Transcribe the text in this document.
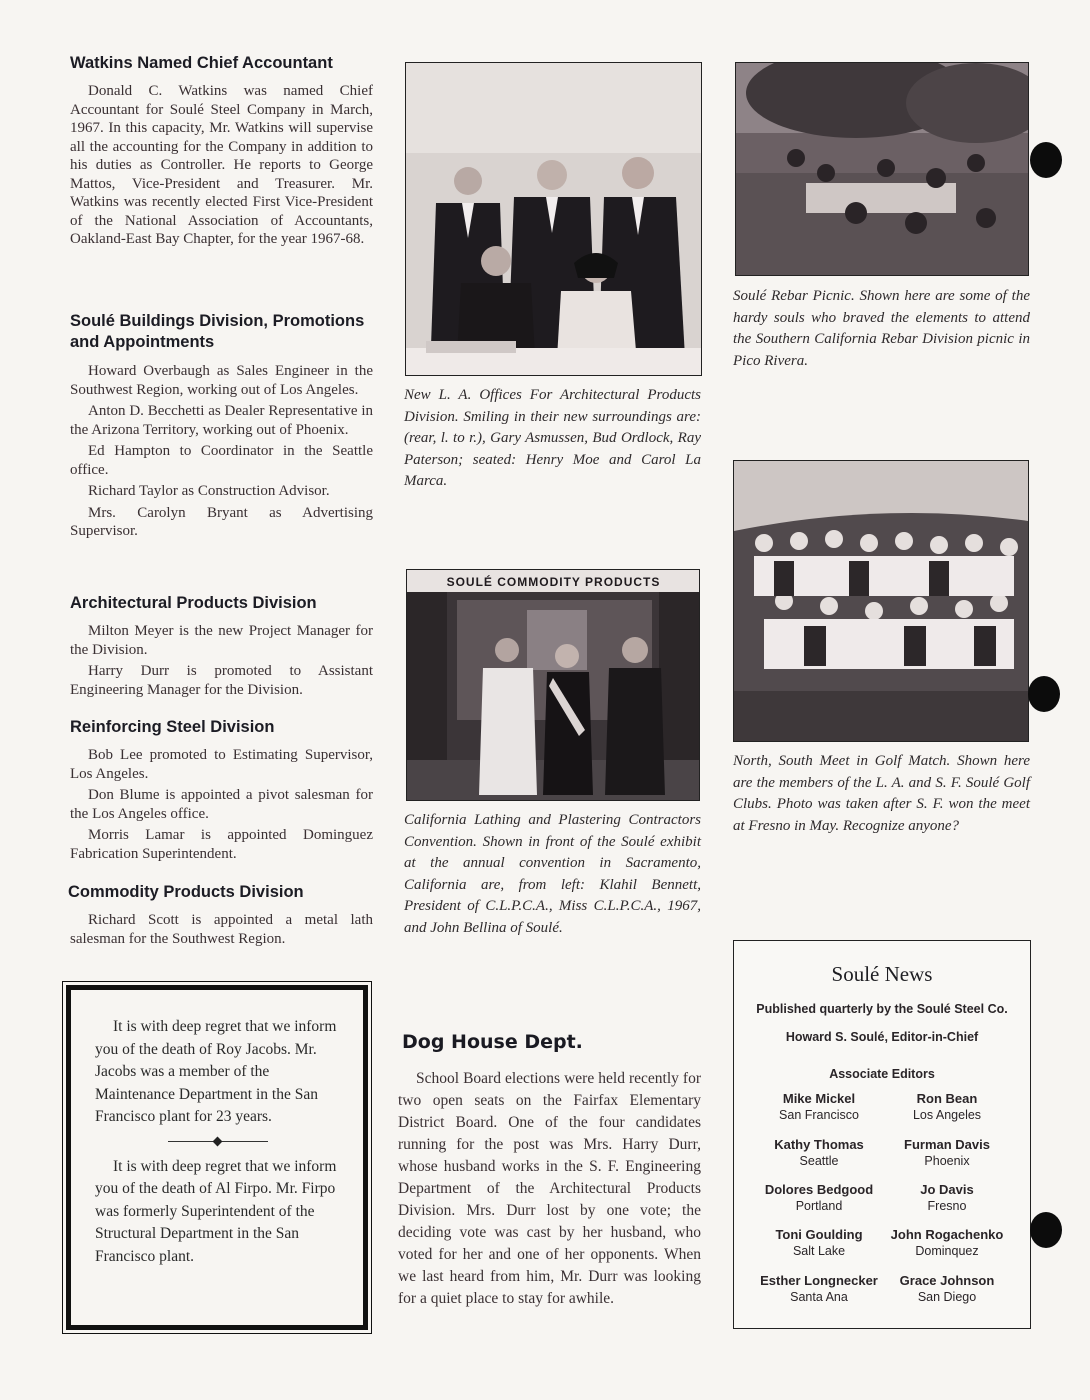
Watkins Named Chief Accountant

Donald C. Watkins was named Chief Accountant for Soulé Steel Company in March, 1967. In this capacity, Mr. Watkins will supervise all the accounting for the Company in addition to his duties as Controller. He reports to George Mattos, Vice-President and Treasurer. Mr. Watkins was recently elected First Vice-President of the National Association of Accountants, Oakland-East Bay Chapter, for the year 1967-68.

Soulé Buildings Division, Promotions and Appointments

Howard Overbaugh as Sales Engineer in the Southwest Region, working out of Los Angeles.

Anton D. Becchetti as Dealer Representative in the Arizona Territory, working out of Phoenix.

Ed Hampton to Coordinator in the Seattle office.

Richard Taylor as Construction Advisor.

Mrs. Carolyn Bryant as Advertising Supervisor.

Architectural Products Division

Milton Meyer is the new Project Manager for the Division.

Harry Durr is promoted to Assistant Engineering Manager for the Division.

Reinforcing Steel Division

Bob Lee promoted to Estimating Supervisor, Los Angeles.

Don Blume is appointed a pivot salesman for the Los Angeles office.

Morris Lamar is appointed Dominguez Fabrication Superintendent.

Commodity Products Division

Richard Scott is appointed a metal lath salesman for the Southwest Region.

It is with deep regret that we inform you of the death of Roy Jacobs. Mr. Jacobs was a member of the Maintenance Department in the San Francisco plant for 23 years.

It is with deep regret that we inform you of the death of Al Firpo. Mr. Firpo was formerly Superintendent of the Structural Department in the San Francisco plant.

New L. A. Offices For Architectural Products Division. Smiling in their new surroundings are: (rear, l. to r.), Gary Asmussen, Bud Ordlock, Ray Paterson; seated: Henry Moe and Carol La Marca.
SOULÉ COMMODITY PRODUCTS
California Lathing and Plastering Contractors Convention. Shown in front of the Soulé exhibit at the annual convention in Sacramento, California are, from left: Klahil Bennett, President of C.L.P.C.A., Miss C.L.P.C.A., 1967, and John Bellina of Soulé.
Dog House Dept.

School Board elections were held recently for two open seats on the Fairfax Elementary District Board. One of the four candidates running for the post was Mrs. Harry Durr, whose husband works in the S. F. Engineering Department of the Architectural Products Division. Mrs. Durr lost by one vote; the deciding vote was cast by her husband, who voted for her and one of her opponents. When we last heard from him, Mr. Durr was looking for a quiet place to stay for awhile.

Soulé Rebar Picnic. Shown here are some of the hardy souls who braved the elements to attend the Southern California Rebar Division picnic in Pico Rivera.
North, South Meet in Golf Match. Shown here are the members of the L. A. and S. F. Soulé Golf Clubs. Photo was taken after S. F. won the meet at Fresno in May. Recognize anyone?
Soulé News
Published quarterly by the Soulé Steel Co.
Howard S. Soulé, Editor-in-Chief
Associate Editors
Mike Mickel
San Francisco
Ron Bean
Los Angeles
Kathy Thomas
Seattle
Furman Davis
Phoenix
Dolores Bedgood
Portland
Jo Davis
Fresno
Toni Goulding
Salt Lake
John Rogachenko
Dominquez
Esther Longnecker
Santa Ana
Grace Johnson
San Diego
